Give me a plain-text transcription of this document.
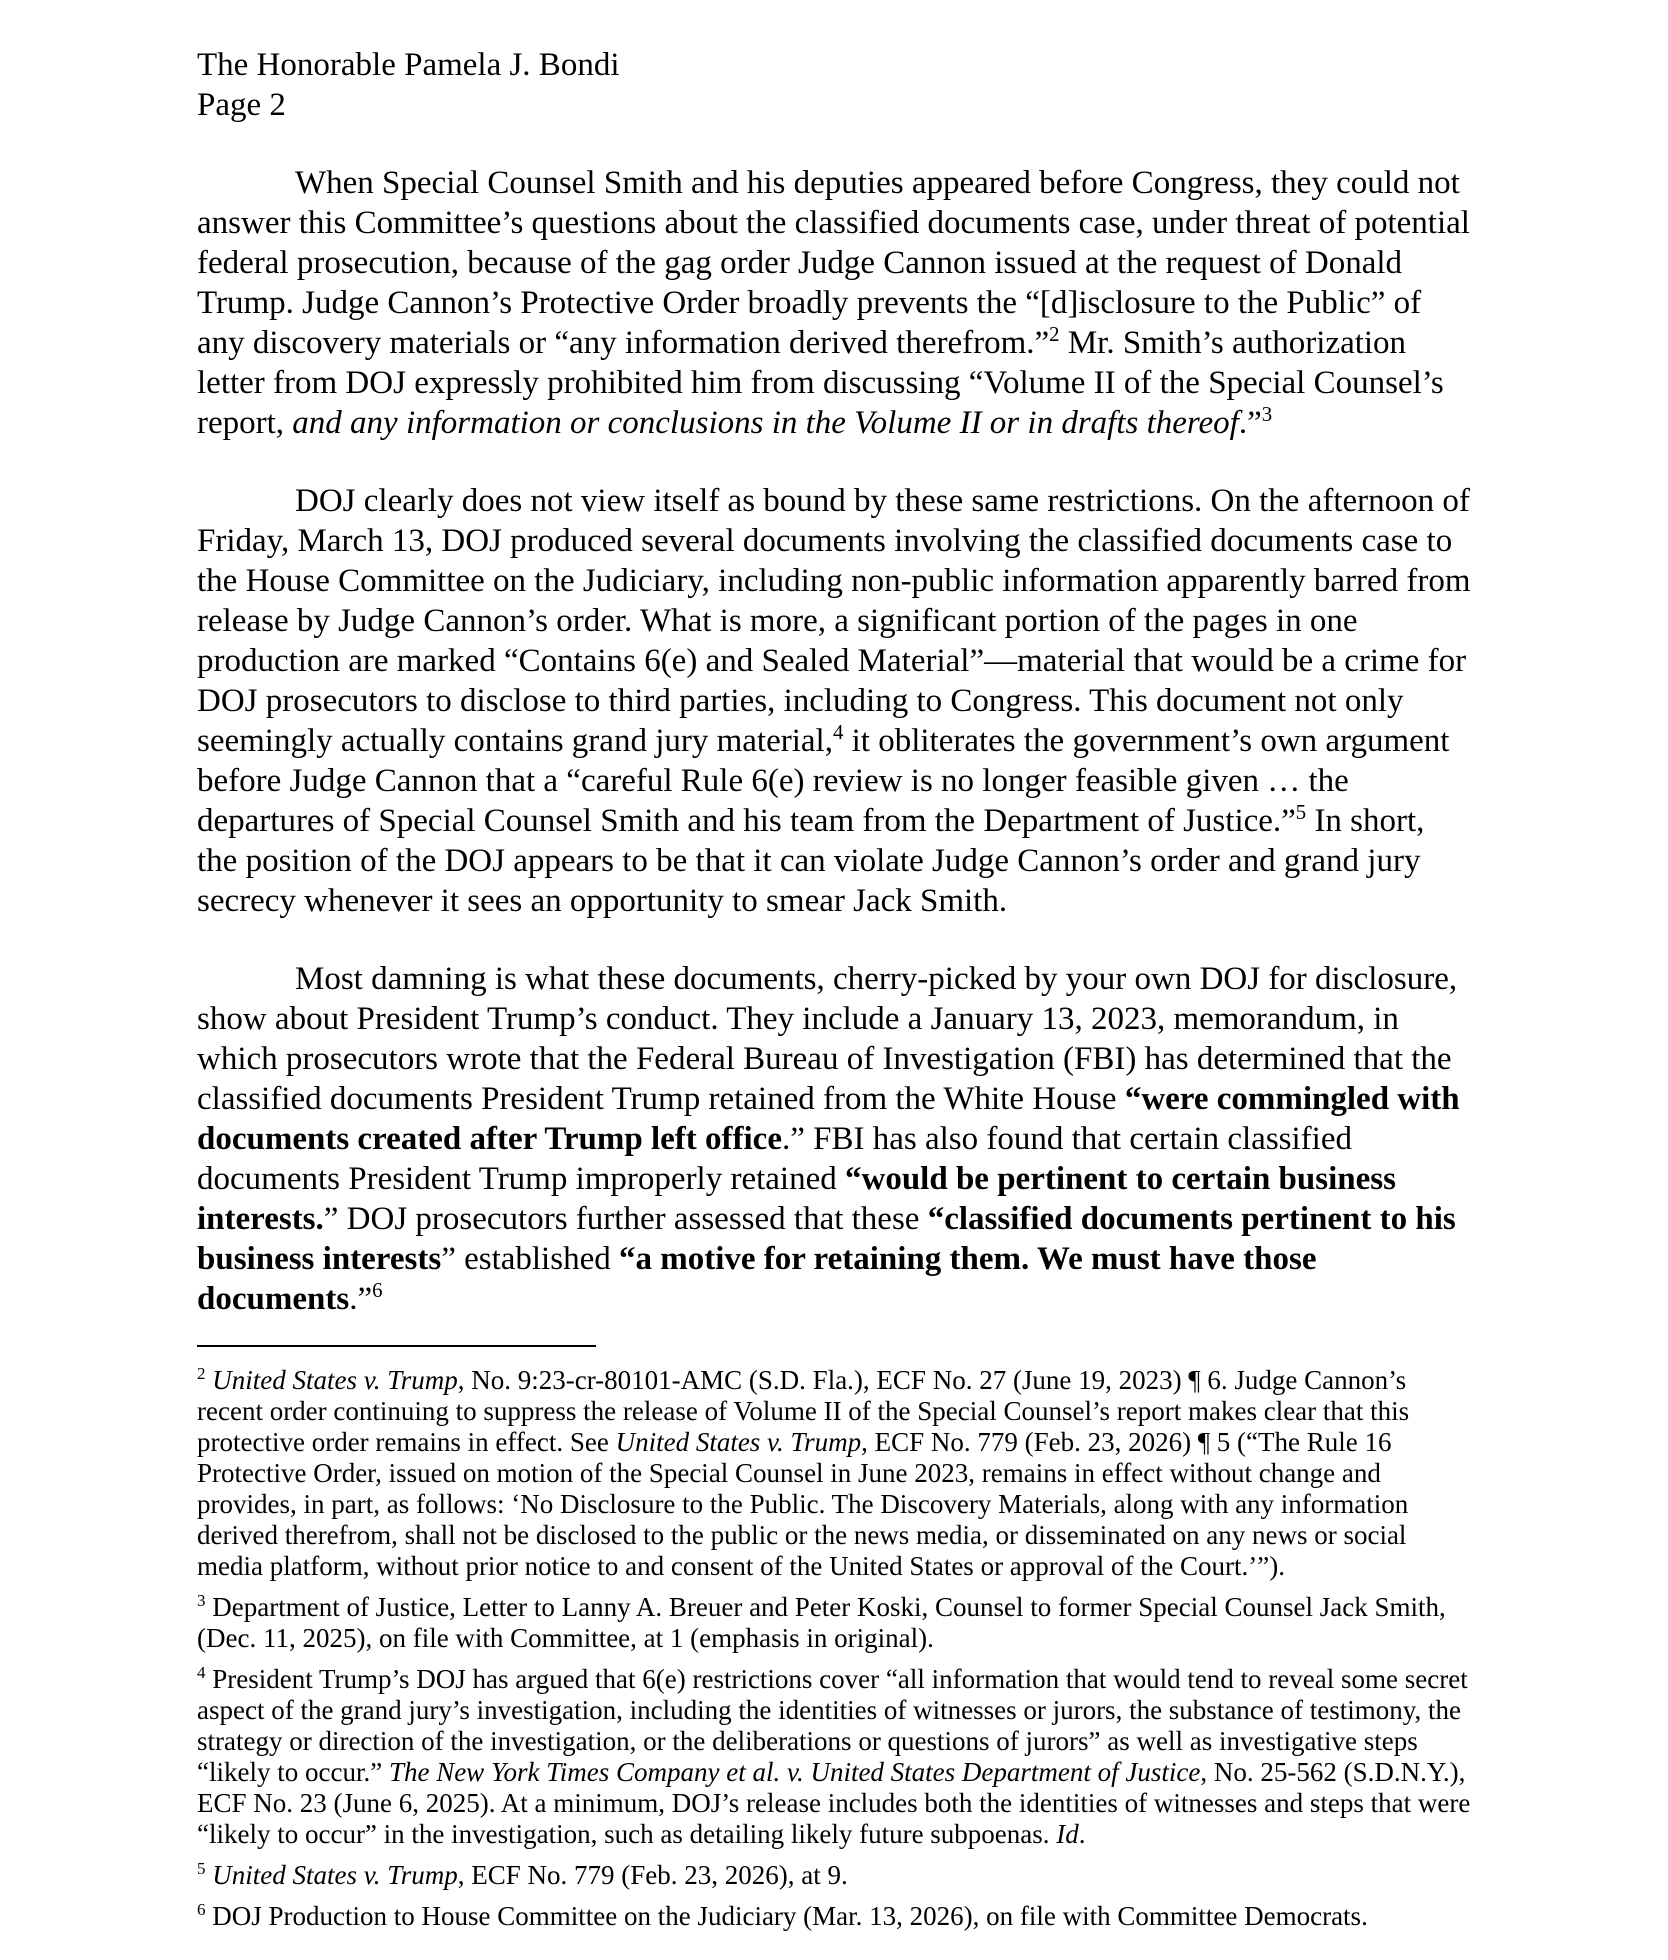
The Honorable Pamela J. Bondi
Page 2

When Special Counsel Smith and his deputies appeared before Congress, they could not answer this Committee’s questions about the classified documents case, under threat of potential federal prosecution, because of the gag order Judge Cannon issued at the request of Donald Trump. Judge Cannon’s Protective Order broadly prevents the “[d]isclosure to the Public” of any discovery materials or “any information derived therefrom.”$^2$ Mr. Smith’s authorization letter from DOJ expressly prohibited him from discussing “Volume II of the Special Counsel’s report, and any information or conclusions in the Volume II or in drafts thereof.”$^3$

DOJ clearly does not view itself as bound by these same restrictions. On the afternoon of Friday, March 13, DOJ produced several documents involving the classified documents case to the House Committee on the Judiciary, including non-public information apparently barred from release by Judge Cannon’s order. What is more, a significant portion of the pages in one production are marked “Contains 6(e) and Sealed Material”—material that would be a crime for DOJ prosecutors to disclose to third parties, including to Congress. This document not only seemingly actually contains grand jury material,$^4$ it obliterates the government’s own argument before Judge Cannon that a “careful Rule 6(e) review is no longer feasible given … the departures of Special Counsel Smith and his team from the Department of Justice.”$^5$ In short, the position of the DOJ appears to be that it can violate Judge Cannon’s order and grand jury secrecy whenever it sees an opportunity to smear Jack Smith.

Most damning is what these documents, cherry-picked by your own DOJ for disclosure, show about President Trump’s conduct. They include a January 13, 2023, memorandum, in which prosecutors wrote that the Federal Bureau of Investigation (FBI) has determined that the classified documents President Trump retained from the White House “were commingled with documents created after Trump left office.” FBI has also found that certain classified documents President Trump improperly retained “would be pertinent to certain business interests.” DOJ prosecutors further assessed that these “classified documents pertinent to his business interests” established “a motive for retaining them. We must have those documents.”$^6$

$^2$ United States v. Trump, No. 9:23-cr-80101-AMC (S.D. Fla.), ECF No. 27 (June 19, 2023) ¶ 6. Judge Cannon’s recent order continuing to suppress the release of Volume II of the Special Counsel’s report makes clear that this protective order remains in effect. See United States v. Trump, ECF No. 779 (Feb. 23, 2026) ¶ 5 (“The Rule 16 Protective Order, issued on motion of the Special Counsel in June 2023, remains in effect without change and provides, in part, as follows: ‘No Disclosure to the Public. The Discovery Materials, along with any information derived therefrom, shall not be disclosed to the public or the news media, or disseminated on any news or social media platform, without prior notice to and consent of the United States or approval of the Court.’”).
$^3$ Department of Justice, Letter to Lanny A. Breuer and Peter Koski, Counsel to former Special Counsel Jack Smith, (Dec. 11, 2025), on file with Committee, at 1 (emphasis in original).
$^4$ President Trump’s DOJ has argued that 6(e) restrictions cover “all information that would tend to reveal some secret aspect of the grand jury’s investigation, including the identities of witnesses or jurors, the substance of testimony, the strategy or direction of the investigation, or the deliberations or questions of jurors” as well as investigative steps “likely to occur.” The New York Times Company et al. v. United States Department of Justice, No. 25-562 (S.D.N.Y.), ECF No. 23 (June 6, 2025). At a minimum, DOJ’s release includes both the identities of witnesses and steps that were “likely to occur” in the investigation, such as detailing likely future subpoenas. Id.
$^5$ United States v. Trump, ECF No. 779 (Feb. 23, 2026), at 9.
$^6$ DOJ Production to House Committee on the Judiciary (Mar. 13, 2026), on file with Committee Democrats.
